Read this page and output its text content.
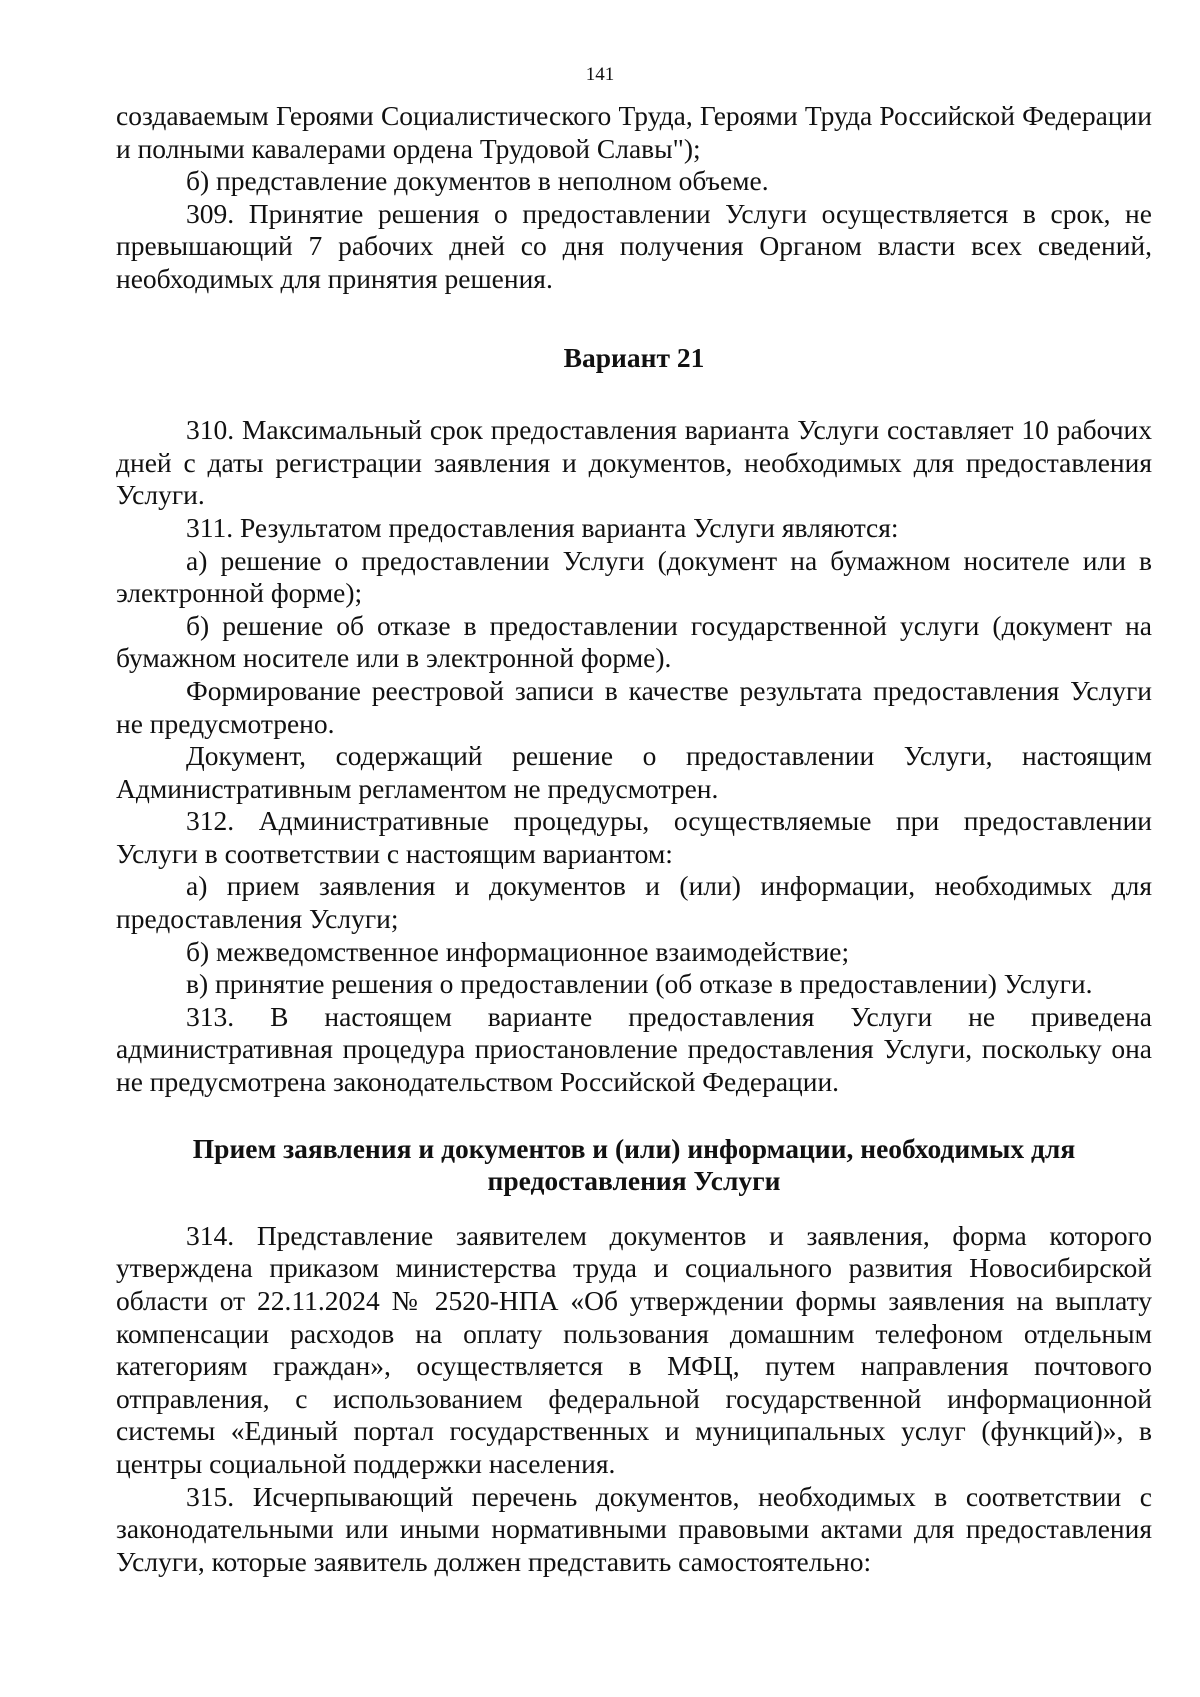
141

создаваемым Героями Социалистического Труда, Героями Труда Российской Федерации и полными кавалерами ордена Трудовой Славы");

б) представление документов в неполном объеме.

309. Принятие решения о предоставлении Услуги осуществляется в срок, не превышающий 7 рабочих дней со дня получения Органом власти всех сведений, необходимых для принятия решения.

Вариант 21

310. Максимальный срок предоставления варианта Услуги составляет 10 рабочих дней с даты регистрации заявления и документов, необходимых для предоставления Услуги.

311. Результатом предоставления варианта Услуги являются:

а) решение о предоставлении Услуги (документ на бумажном носителе или в электронной форме);

б) решение об отказе в предоставлении государственной услуги (документ на бумажном носителе или в электронной форме).

Формирование реестровой записи в качестве результата предоставления Услуги не предусмотрено.

Документ, содержащий решение о предоставлении Услуги, настоящим Административным регламентом не предусмотрен.

312. Административные процедуры, осуществляемые при предоставлении Услуги в соответствии с настоящим вариантом:

а) прием заявления и документов и (или) информации, необходимых для предоставления Услуги;

б) межведомственное информационное взаимодействие;

в) принятие решения о предоставлении (об отказе в предоставлении) Услуги.

313. В настоящем варианте предоставления Услуги не приведена административная процедура приостановление предоставления Услуги, поскольку она не предусмотрена законодательством Российской Федерации.

Прием заявления и документов и (или) информации, необходимых для предоставления Услуги

314. Представление заявителем документов и заявления, форма которого утверждена приказом министерства труда и социального развития Новосибирской области от 22.11.2024 № 2520-НПА «Об утверждении формы заявления на выплату компенсации расходов на оплату пользования домашним телефоном отдельным категориям граждан», осуществляется в МФЦ, путем направления почтового отправления, с использованием федеральной государственной информационной системы «Единый портал государственных и муниципальных услуг (функций)», в центры социальной поддержки населения.

315. Исчерпывающий перечень документов, необходимых в соответствии с законодательными или иными нормативными правовыми актами для предоставления Услуги, которые заявитель должен представить самостоятельно:
